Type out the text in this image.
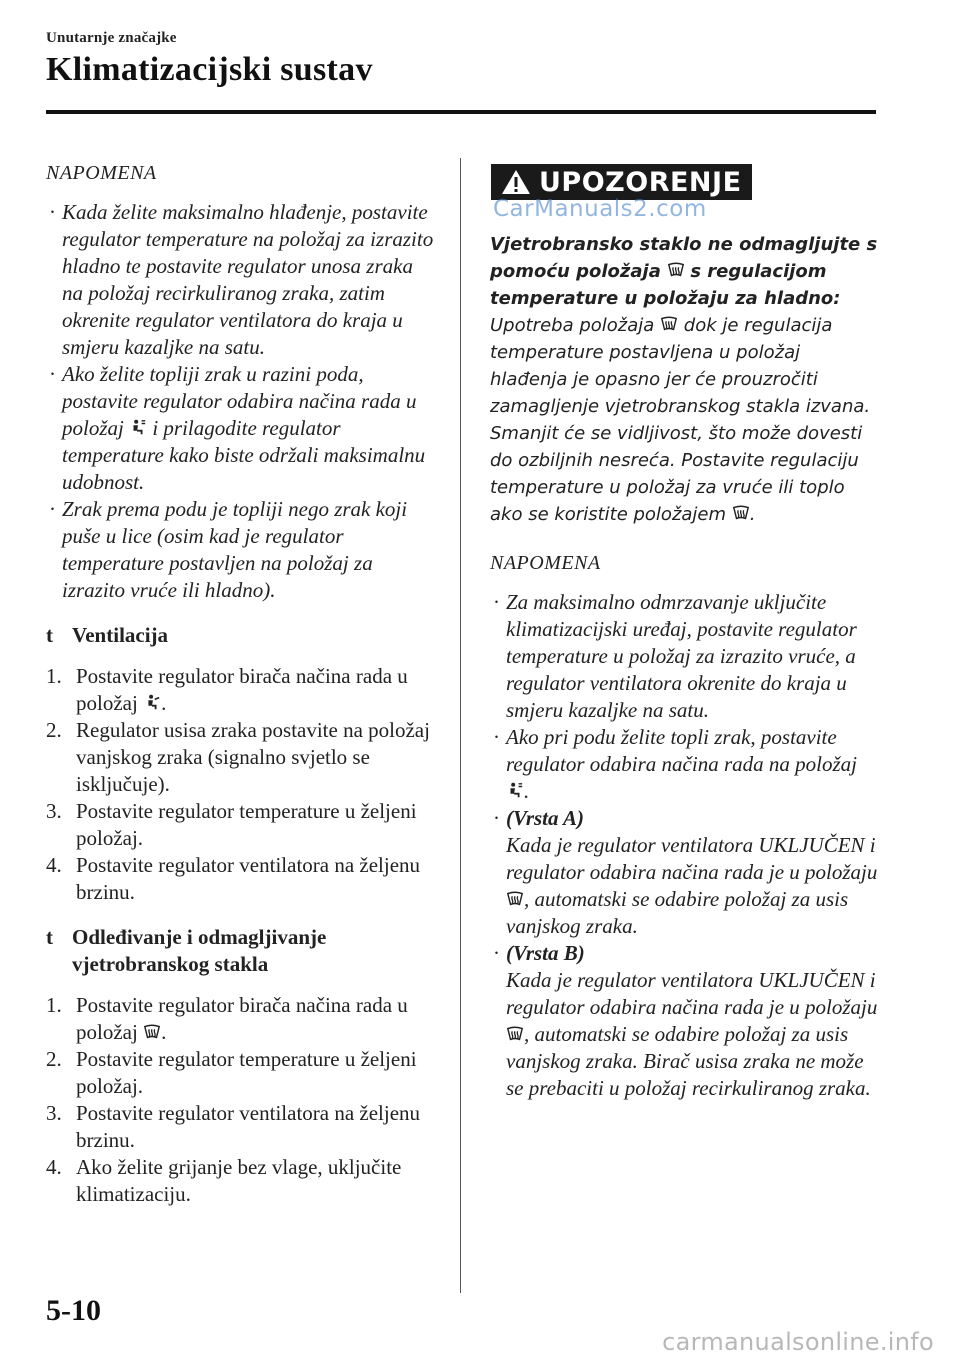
Unutarnje značajke
Klimatizacijski sustav
NAPOMENA
· Kada želite maksimalno hlađenje, postavite regulator temperature na položaj za izrazito hladno te postavite regulator unosa zraka na položaj recirkuliranog zraka, zatim okrenite regulator ventilatora do kraja u smjeru kazaljke na satu.
· Ako želite topliji zrak u razini poda, postavite regulator odabira načina rada u položaj i prilagodite regulator temperature kako biste održali maksimalnu udobnost.
· Zrak prema podu je topliji nego zrak koji puše u lice (osim kad je regulator temperature postavljen na položaj za izrazito vruće ili hladno).
t Ventilacija
1. Postavite regulator birača načina rada u položaj .
2. Regulator usisa zraka postavite na položaj vanjskog zraka (signalno svjetlo se isključuje).
3. Postavite regulator temperature u željeni položaj.
4. Postavite regulator ventilatora na željenu brzinu.
t Odleđivanje i odmagljivanje vjetrobranskog stakla
1. Postavite regulator birača načina rada u položaj .
2. Postavite regulator temperature u željeni položaj.
3. Postavite regulator ventilatora na željenu brzinu.
4. Ako želite grijanje bez vlage, uključite klimatizaciju.
UPOZORENJE
Vjetrobransko staklo ne odmagljujte s pomoću položaja s regulacijom temperature u položaju za hladno:
Upotreba položaja dok je regulacija temperature postavljena u položaj hlađenja je opasno jer će prouzročiti zamagljenje vjetrobranskog stakla izvana. Smanjit će se vidljivost, što može dovesti do ozbiljnih nesreća. Postavite regulaciju temperature u položaj za vruće ili toplo ako se koristite položajem .
NAPOMENA
· Za maksimalno odmrzavanje uključite klimatizacijski uređaj, postavite regulator temperature u položaj za izrazito vruće, a regulator ventilatora okrenite do kraja u smjeru kazaljke na satu.
· Ako pri podu želite topli zrak, postavite regulator odabira načina rada na položaj .
· (Vrsta A)
Kada je regulator ventilatora UKLJUČEN i regulator odabira načina rada je u položaju , automatski se odabire položaj za usis vanjskog zraka.
· (Vrsta B)
Kada je regulator ventilatora UKLJUČEN i regulator odabira načina rada je u položaju , automatski se odabire položaj za usis vanjskog zraka. Birač usisa zraka ne može se prebaciti u položaj recirkuliranog zraka.
CarManuals2.com
5-10
carmanualsonline.info
